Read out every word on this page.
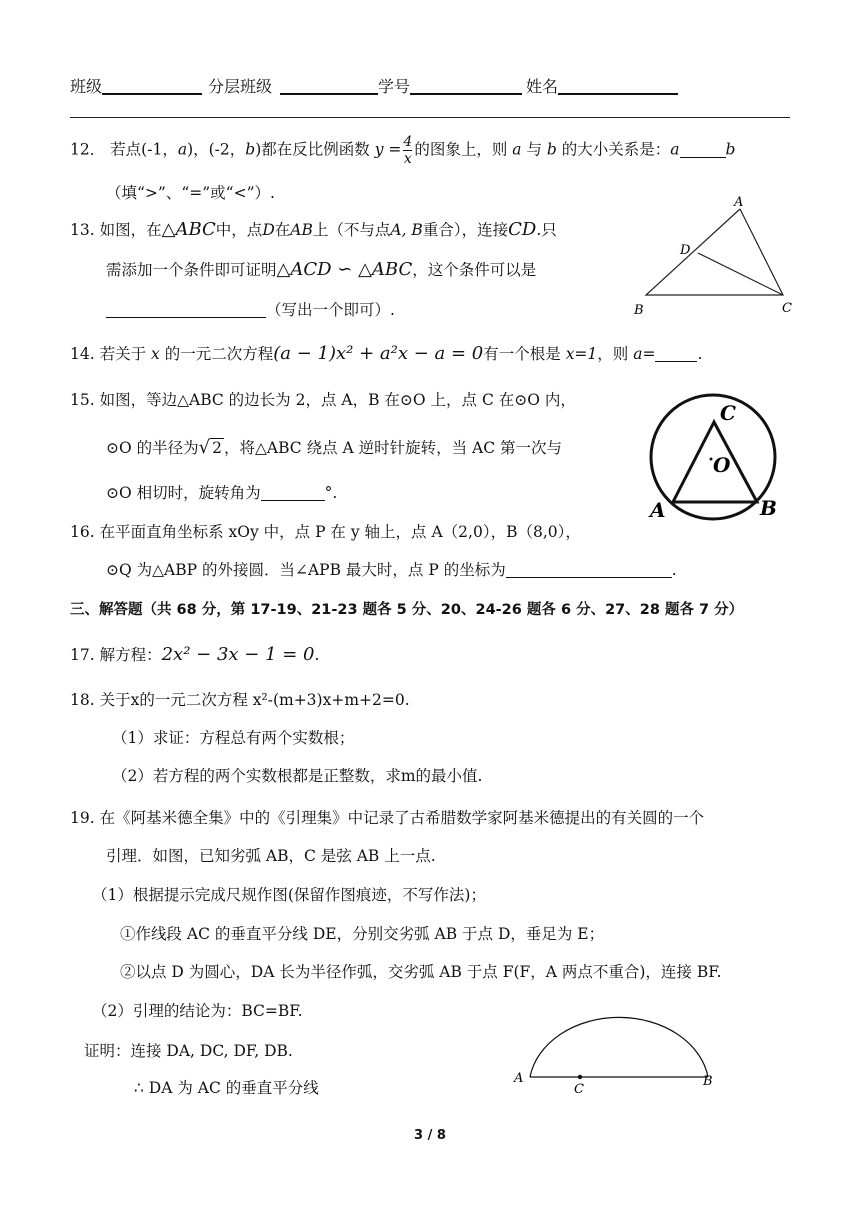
班级	分层班级	学号	姓名
12． 若点(-1，a)，(-2，b)都在反比例函数 $y = \frac{4}{x}$ 的图象上，则 a 与 b 的大小关系是：a	b
（填“>”、“=”或“<”）.
13. 如图，在△ABC中，点D在AB上（不与点A, B重合），连接CD.只
需添加一个条件即可证明△ACD ∽ △ABC，这个条件可以是
（写出一个即可）.
A
D
B	C
14. 若关于 x 的一元二次方程(a − 1)x² + a²x − a = 0有一个根是 x=1，则 a=	.
15. 如图，等边△ABC 的边长为 2，点 A，B 在⊙O 上，点 C 在⊙O 内，
⊙O 的半径为√ 2 ，将△ABC 绕点 A 逆时针旋转，当 AC 第一次与
⊙O 相切时，旋转角为	°.
C
O
A	B
16. 在平面直角坐标系 xOy 中，点 P 在 y 轴上，点 A（2,0），B（8,0），
⊙Q 为△ABP 的外接圆．当∠APB 最大时，点 P 的坐标为	.
三、解答题（共 68 分，第 17-19、21-23 题各 5 分、20、24-26 题各 6 分、27、28 题各 7 分）
17. 解方程：2x² − 3x − 1 = 0.
18. 关于x的一元二次方程 x²-(m+3)x+m+2=0.
（1）求证：方程总有两个实数根；
（2）若方程的两个实数根都是正整数，求m的最小值.
19. 在《阿基米德全集》中的《引理集》中记录了古希腊数学家阿基米德提出的有关圆的一个
引理．如图，已知劣弧 AB，C 是弦 AB 上一点.
（1）根据提示完成尺规作图(保留作图痕迹，不写作法)；
①作线段 AC 的垂直平分线 DE，分别交劣弧 AB 于点 D，垂足为 E；
②以点 D 为圆心，DA 长为半径作弧，交劣弧 AB 于点 F(F，A 两点不重合)，连接 BF.
（2）引理的结论为：BC=BF.
证明：连接 DA, DC, DF, DB.
∴ DA 为 AC 的垂直平分线
A	B
C
3 / 8
